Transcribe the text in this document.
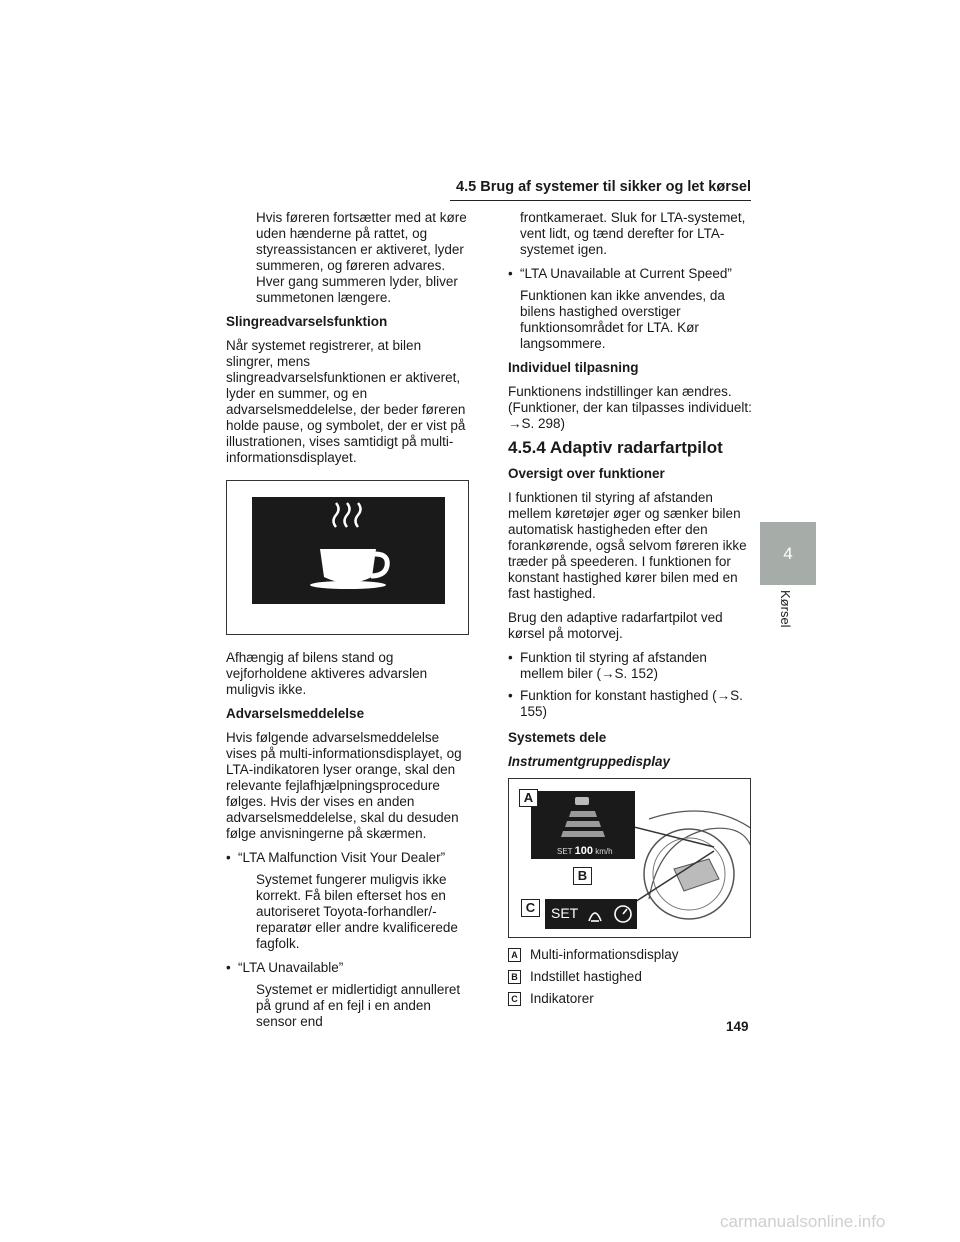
4.5 Brug af systemer til sikker og let kørsel

Hvis føreren fortsætter med at køre uden hænderne på rattet, og styreassistancen er aktiveret, lyder summeren, og føreren advares. Hver gang summeren lyder, bliver summetonen længere.

Slingreadvarselsfunktion

Når systemet registrerer, at bilen slingrer, mens slingreadvarselsfunktionen er aktiveret, lyder en summer, og en advarselsmeddelelse, der beder føreren holde pause, og symbolet, der er vist på illustrationen, vises samtidigt på multi-informationsdisplayet.

Afhængig af bilens stand og vejforholdene aktiveres advarslen muligvis ikke.

Advarselsmeddelelse

Hvis følgende advarselsmeddelelse vises på multi-informationsdisplayet, og LTA-indikatoren lyser orange, skal den relevante fejlafhjælpningsprocedure følges. Hvis der vises en anden advarselsmeddelelse, skal du desuden følge anvisningerne på skærmen.

• “LTA Malfunction Visit Your Dealer”

Systemet fungerer muligvis ikke korrekt. Få bilen efterset hos en autoriseret Toyota-forhandler/-reparatør eller andre kvalificerede fagfolk.

• “LTA Unavailable”

Systemet er midlertidigt annulleret på grund af en fejl i en anden sensor end

frontkameraet. Sluk for LTA-systemet, vent lidt, og tænd derefter for LTA-systemet igen.

• “LTA Unavailable at Current Speed”

Funktionen kan ikke anvendes, da bilens hastighed overstiger funktionsområdet for LTA. Kør langsommere.

Individuel tilpasning

Funktionens indstillinger kan ændres. (Funktioner, der kan tilpasses individuelt: →S. 298)

4.5.4 Adaptiv radarfartpilot
Oversigt over funktioner

I funktionen til styring af afstanden mellem køretøjer øger og sænker bilen automatisk hastigheden efter den forankørende, også selvom føreren ikke træder på speederen. I funktionen for konstant hastighed kører bilen med en fast hastighed.

Brug den adaptive radarfartpilot ved kørsel på motorvej.

• Funktion til styring af afstanden mellem biler (→S. 152)
• Funktion for konstant hastighed (→S. 155)
Systemets dele

Instrumentgruppedisplay

SET 100 km/h
SET
A
B
C
A Multi-informationsdisplay
B Indstillet hastighed
C Indikatorer
4
Kørsel
149
carmanualsonline.info
